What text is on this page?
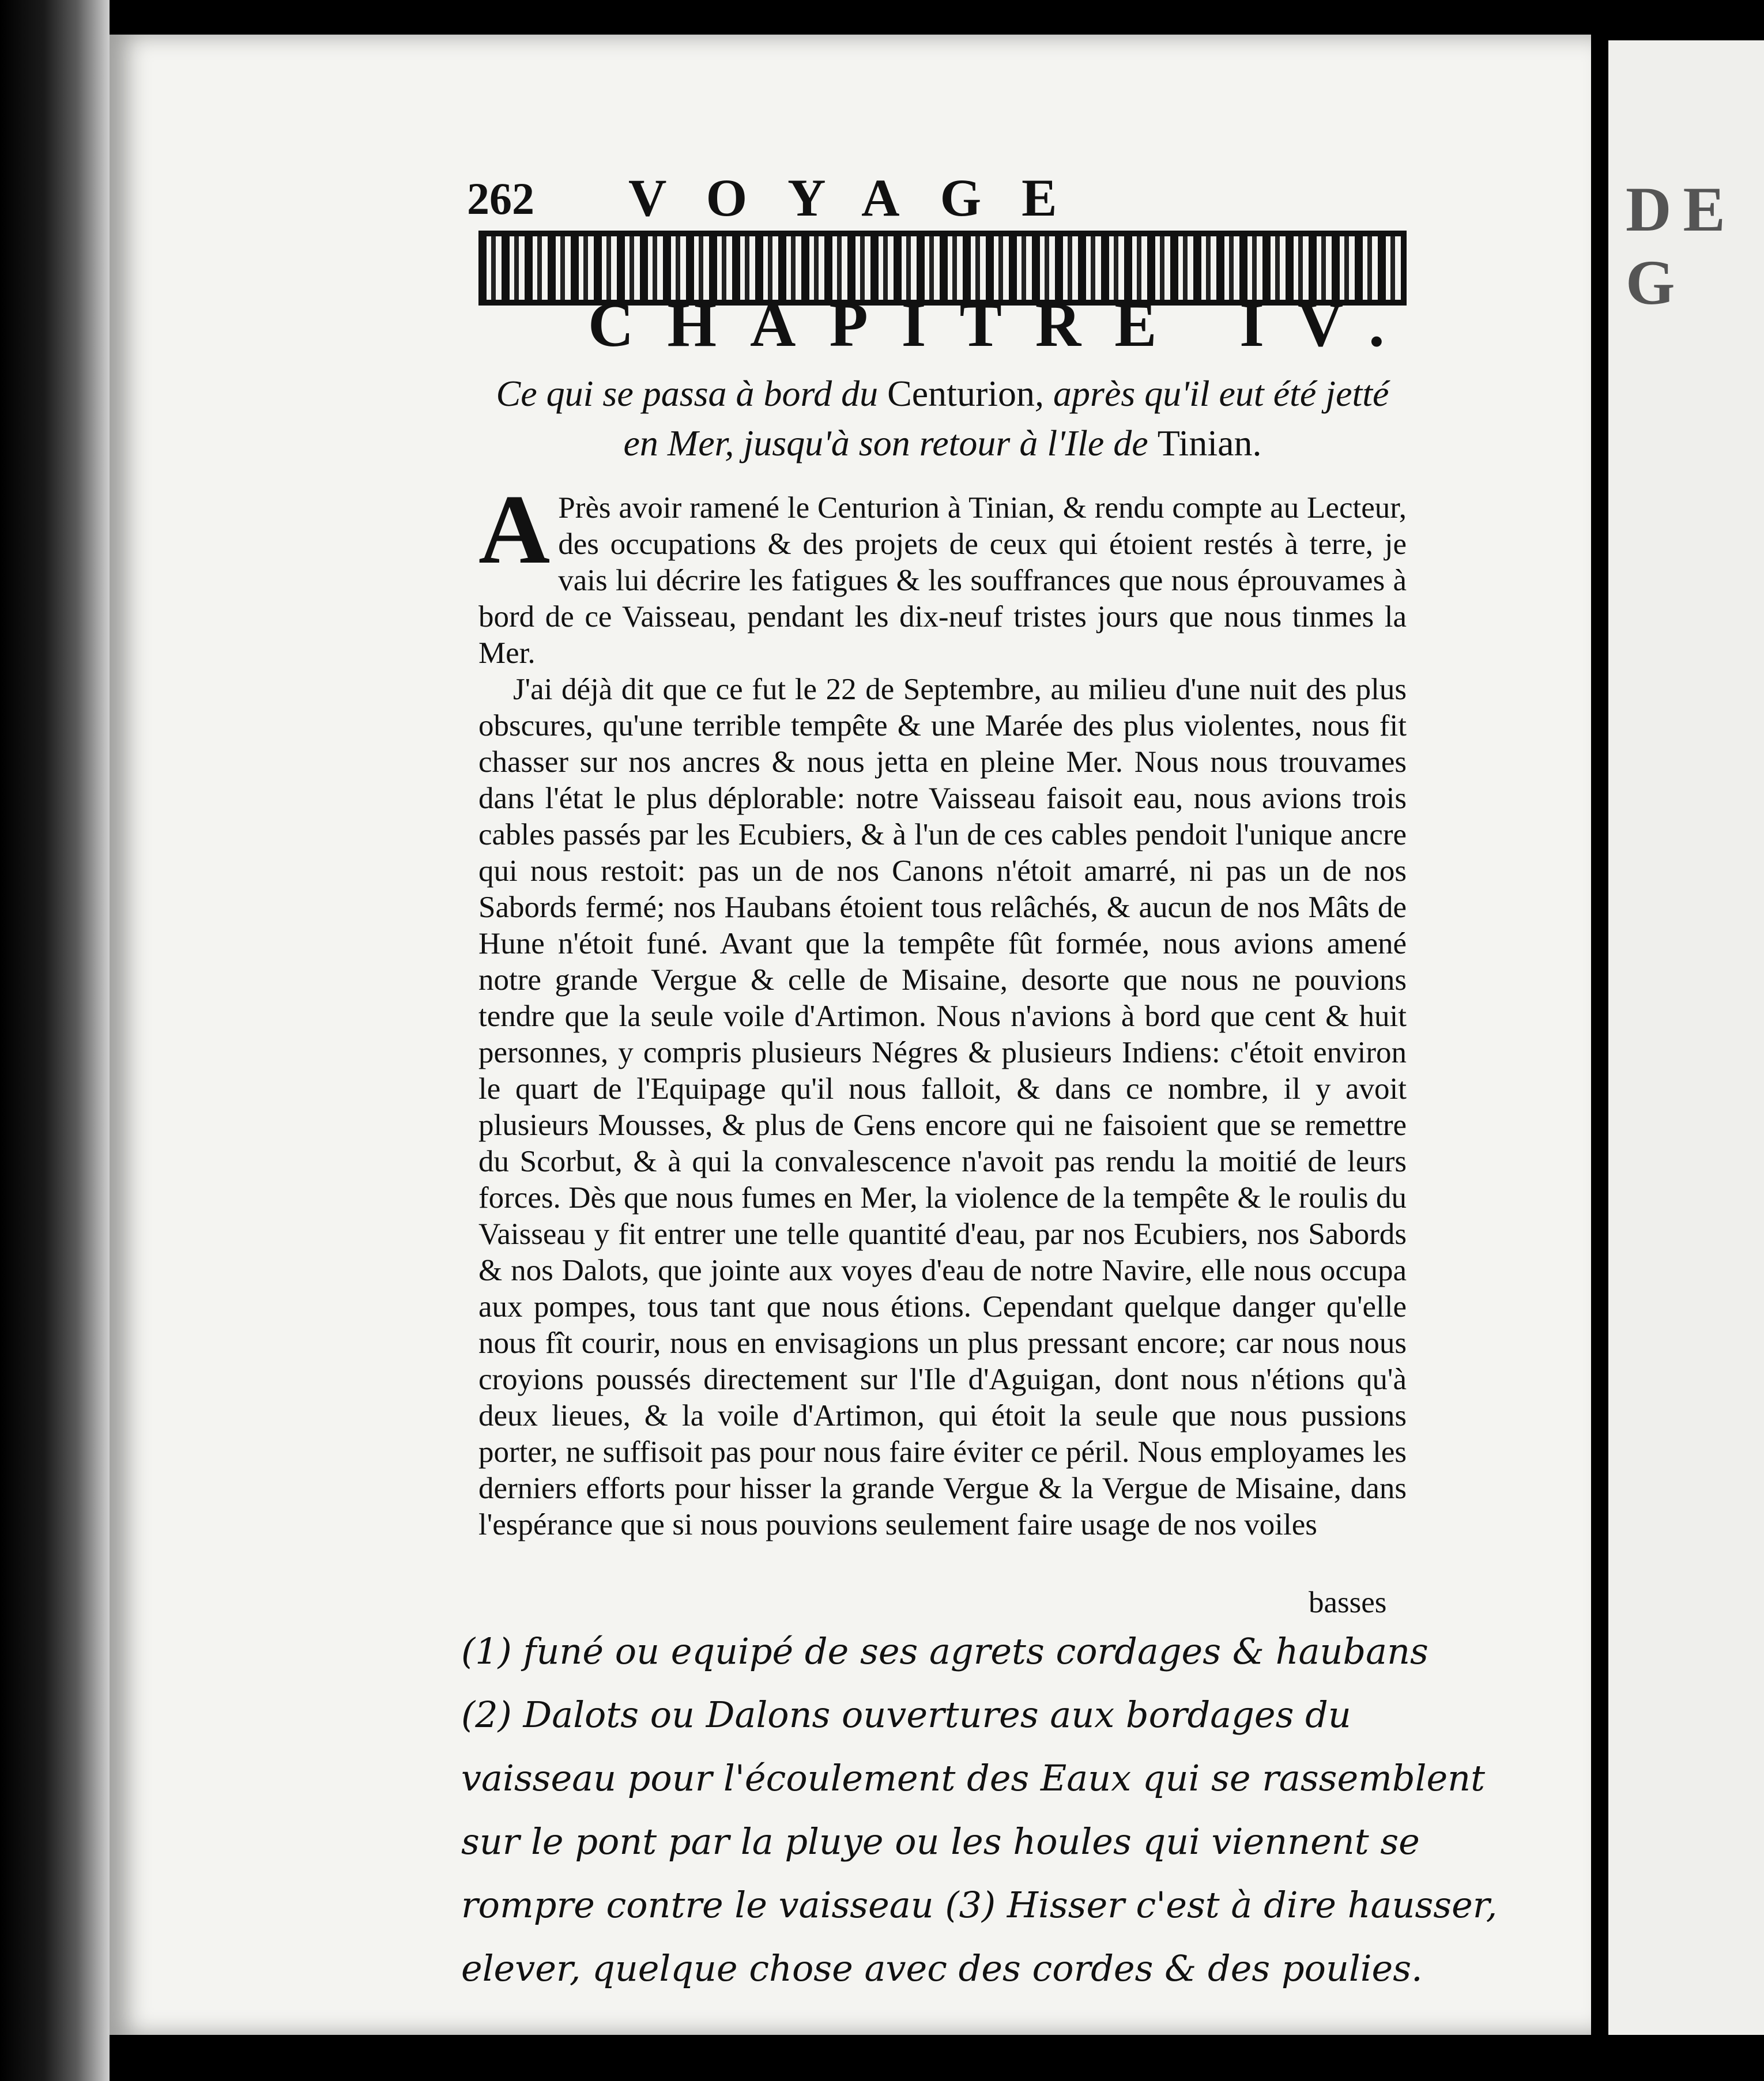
262 VOYAGE	DE G
CHAPITRE IV.
Ce qui se passa à bord du Centurion, après qu'il eut été jetté en Mer, jusqu'à son retour à l'Ile de Tinian.

A Près avoir ramené le Centurion à Tinian, & rendu compte au Lecteur, des occupations & des projets de ceux qui étoient restés à terre, je vais lui décrire les fatigues & les souffrances que nous éprouvames à bord de ce Vaisseau, pendant les dix-neuf tristes jours que nous tinmes la Mer.

J'ai déjà dit que ce fut le 22 de Septembre, au milieu d'une nuit des plus obscures, qu'une terrible tempête & une Marée des plus violentes, nous fit chasser sur nos ancres & nous jetta en pleine Mer. Nous nous trouvames dans l'état le plus déplorable: notre Vaisseau faisoit eau, nous avions trois cables passés par les Ecubiers, & à l'un de ces cables pendoit l'unique ancre qui nous restoit: pas un de nos Canons n'étoit amarré, ni pas un de nos Sabords fermé; nos Haubans étoient tous relâchés, & aucun de nos Mâts de Hune n'étoit funé. Avant que la tempête fût formée, nous avions amené notre grande Vergue & celle de Misaine, desorte que nous ne pouvions tendre que la seule voile d'Artimon. Nous n'avions à bord que cent & huit personnes, y compris plusieurs Négres & plusieurs Indiens: c'étoit environ le quart de l'Equipage qu'il nous falloit, & dans ce nombre, il y avoit plusieurs Mousses, & plus de Gens encore qui ne faisoient que se remettre du Scorbut, & à qui la convalescence n'avoit pas rendu la moitié de leurs forces. Dès que nous fumes en Mer, la violence de la tempête & le roulis du Vaisseau y fit entrer une telle quantité d'eau, par nos Ecubiers, nos Sabords & nos Dalots, que jointe aux voyes d'eau de notre Navire, elle nous occupa aux pompes, tous tant que nous étions. Cependant quelque danger qu'elle nous fît courir, nous en envisagions un plus pressant encore; car nous nous croyions poussés directement sur l'Ile d'Aguigan, dont nous n'étions qu'à deux lieues, & la voile d'Artimon, qui étoit la seule que nous pussions porter, ne suffisoit pas pour nous faire éviter ce péril. Nous employames les derniers efforts pour hisser la grande Vergue & la Vergue de Misaine, dans l'espérance que si nous pouvions seulement faire usage de nos voiles

basses
(1) funé ou equipé de ses agrets cordages & haubans
(2) Dalots ou Dalons ouvertures aux bordages du vaisseau pour l'écoulement des Eaux qui se rassemblent sur le pont par la pluye ou les houles qui viennent se rompre contre le vaisseau (3) Hisser c'est à dire hausser, elever, quelque chose avec des cordes & des poulies.
